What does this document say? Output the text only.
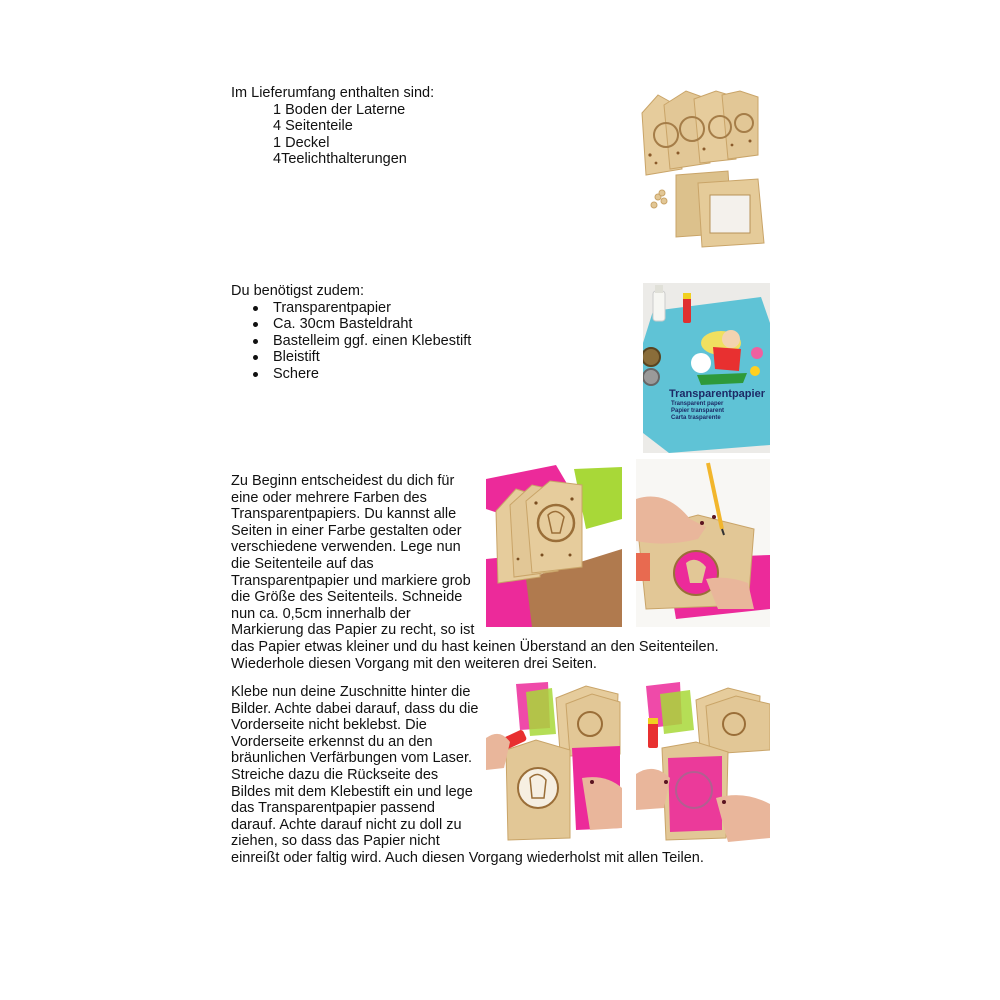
Im Lieferumfang enthalten sind:
1 Boden der Laterne
4 Seitenteile
1 Deckel
4Teelichthalterungen
Du benötigst zudem:
Transparentpapier
Ca. 30cm Basteldraht
Bastelleim ggf. einen Klebestift
Bleistift
Schere
Transparentpapier
Transparent paper
Papier transparent
Carta trasparente
Zu Beginn entscheidest du dich für
eine oder mehrere Farben des
Transparentpapiers. Du kannst alle
Seiten in einer Farbe gestalten oder
verschiedene verwenden. Lege nun
die Seitenteile auf das
Transparentpapier und markiere grob
die Größe des Seitenteils. Schneide
nun ca. 0,5cm innerhalb der
Markierung das Papier zu recht, so ist
das Papier etwas kleiner und du hast keinen Überstand an den Seitenteilen.
Wiederhole diesen Vorgang mit den weiteren drei Seiten.
Klebe nun deine Zuschnitte hinter die
Bilder. Achte dabei darauf, dass du die
Vorderseite nicht beklebst. Die
Vorderseite erkennst du an den
bräunlichen Verfärbungen vom Laser.
Streiche dazu die Rückseite des
Bildes mit dem Klebestift ein und lege
das Transparentpapier passend
darauf. Achte darauf nicht zu doll zu
ziehen, so dass das Papier nicht
einreißt oder faltig wird. Auch diesen Vorgang wiederholst mit allen Teilen.
